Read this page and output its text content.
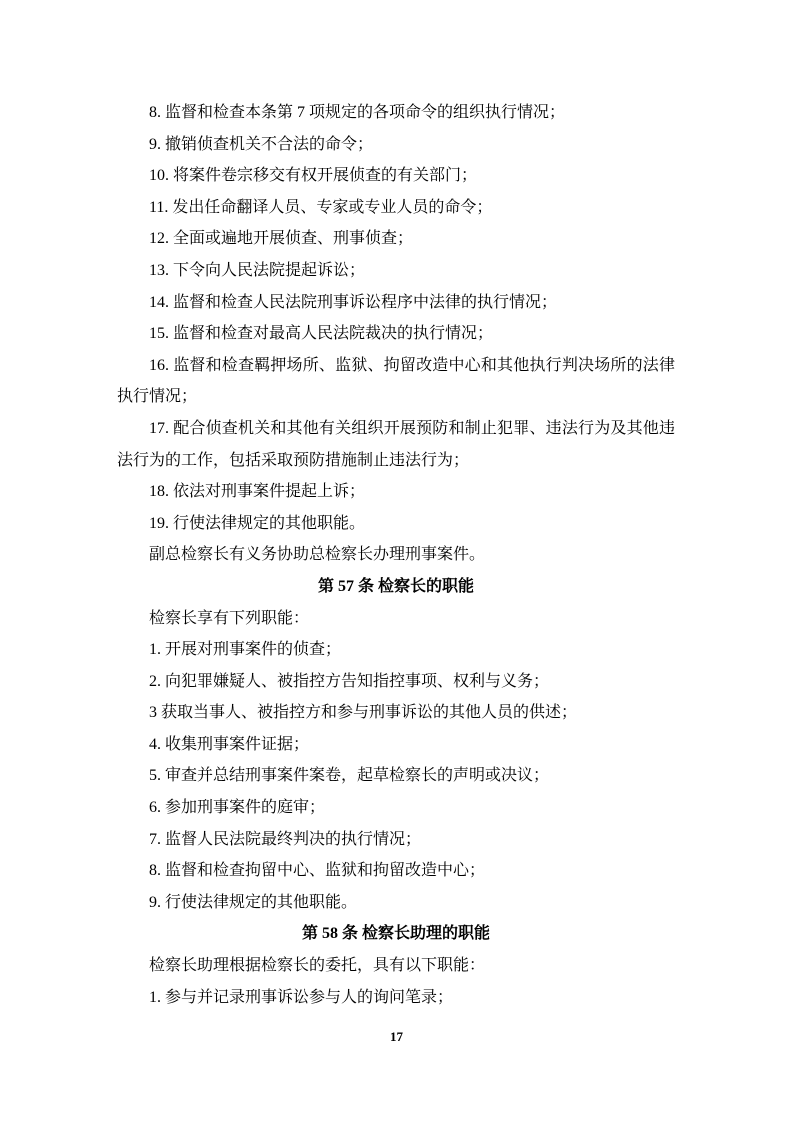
8. 监督和检查本条第 7 项规定的各项命令的组织执行情况；

9. 撤销侦查机关不合法的命令；

10. 将案件卷宗移交有权开展侦查的有关部门；

11. 发出任命翻译人员、专家或专业人员的命令；

12. 全面或遍地开展侦查、刑事侦查；

13. 下令向人民法院提起诉讼；

14. 监督和检查人民法院刑事诉讼程序中法律的执行情况；

15. 监督和检查对最高人民法院裁决的执行情况；

16. 监督和检查羁押场所、监狱、拘留改造中心和其他执行判决场所的法律执行情况；

17. 配合侦查机关和其他有关组织开展预防和制止犯罪、违法行为及其他违法行为的工作，包括采取预防措施制止违法行为；

18. 依法对刑事案件提起上诉；

19. 行使法律规定的其他职能。

副总检察长有义务协助总检察长办理刑事案件。

第 57 条 检察长的职能

检察长享有下列职能：

1. 开展对刑事案件的侦查；

2. 向犯罪嫌疑人、被指控方告知指控事项、权利与义务；

3 获取当事人、被指控方和参与刑事诉讼的其他人员的供述；

4. 收集刑事案件证据；

5. 审查并总结刑事案件案卷，起草检察长的声明或决议；

6. 参加刑事案件的庭审；

7. 监督人民法院最终判决的执行情况；

8. 监督和检查拘留中心、监狱和拘留改造中心；

9. 行使法律规定的其他职能。

第 58 条 检察长助理的职能

检察长助理根据检察长的委托，具有以下职能：

1. 参与并记录刑事诉讼参与人的询问笔录；

17
